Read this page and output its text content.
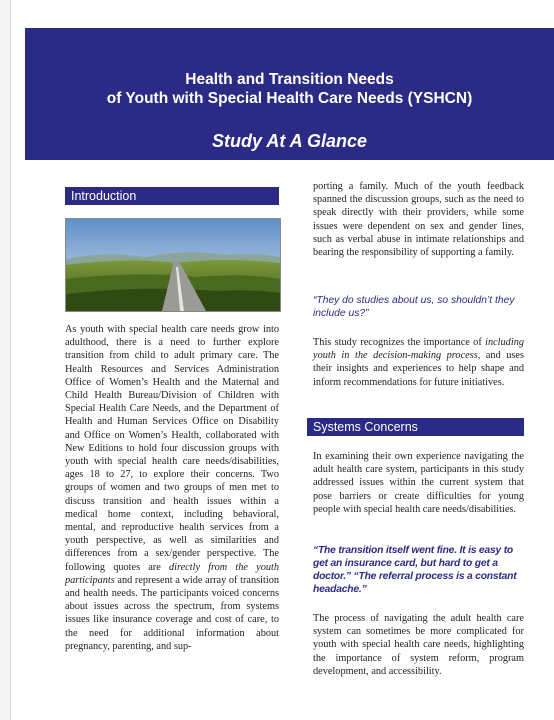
Health and Transition Needs
of Youth with Special Health Care Needs (YSHCN)
Study At A Glance
Introduction

As youth with special health care needs grow into adulthood, there is a need to further explore transition from child to adult primary care. The Health Resources and Services Administration Office of Women’s Health and the Maternal and Child Health Bureau/Division of Children with Special Health Care Needs, and the Department of Health and Human Services Office on Disability and Office on Women’s Health, collaborated with New Editions to hold four discussion groups with youth with special health care needs/disabilities, ages 18 to 27, to explore their concerns. Two groups of women and two groups of men met to discuss transition and health issues within a medical home context, including behavioral, mental, and reproductive health services from a youth perspective, as well as similarities and differences from a sex/gender perspective. The following quotes are directly from the youth participants and represent a wide array of transition and health needs. The participants voiced concerns about issues across the spectrum, from systems issues like insurance coverage and cost of care, to the need for additional information about pregnancy, parenting, and sup-

porting a family. Much of the youth feedback spanned the discussion groups, such as the need to speak directly with their providers, while some issues were dependent on sex and gender lines, such as verbal abuse in intimate relationships and bearing the responsibility of supporting a family.

“They do studies about us, so shouldn’t they include us?”

This study recognizes the importance of including youth in the decision-making process, and uses their insights and experiences to help shape and inform recommendations for future initiatives.

Systems Concerns

In examining their own experience navigating the adult health care system, participants in this study addressed issues within the current system that pose barriers or create difficulties for young people with special health care needs/disabilities.

“The transition itself went fine. It is easy to get an insurance card, but hard to get a doctor.” “The referral process is a constant headache.”

The process of navigating the adult health care system can sometimes be more complicated for youth with special health care needs, highlighting the importance of system reform, program development, and accessibility.
